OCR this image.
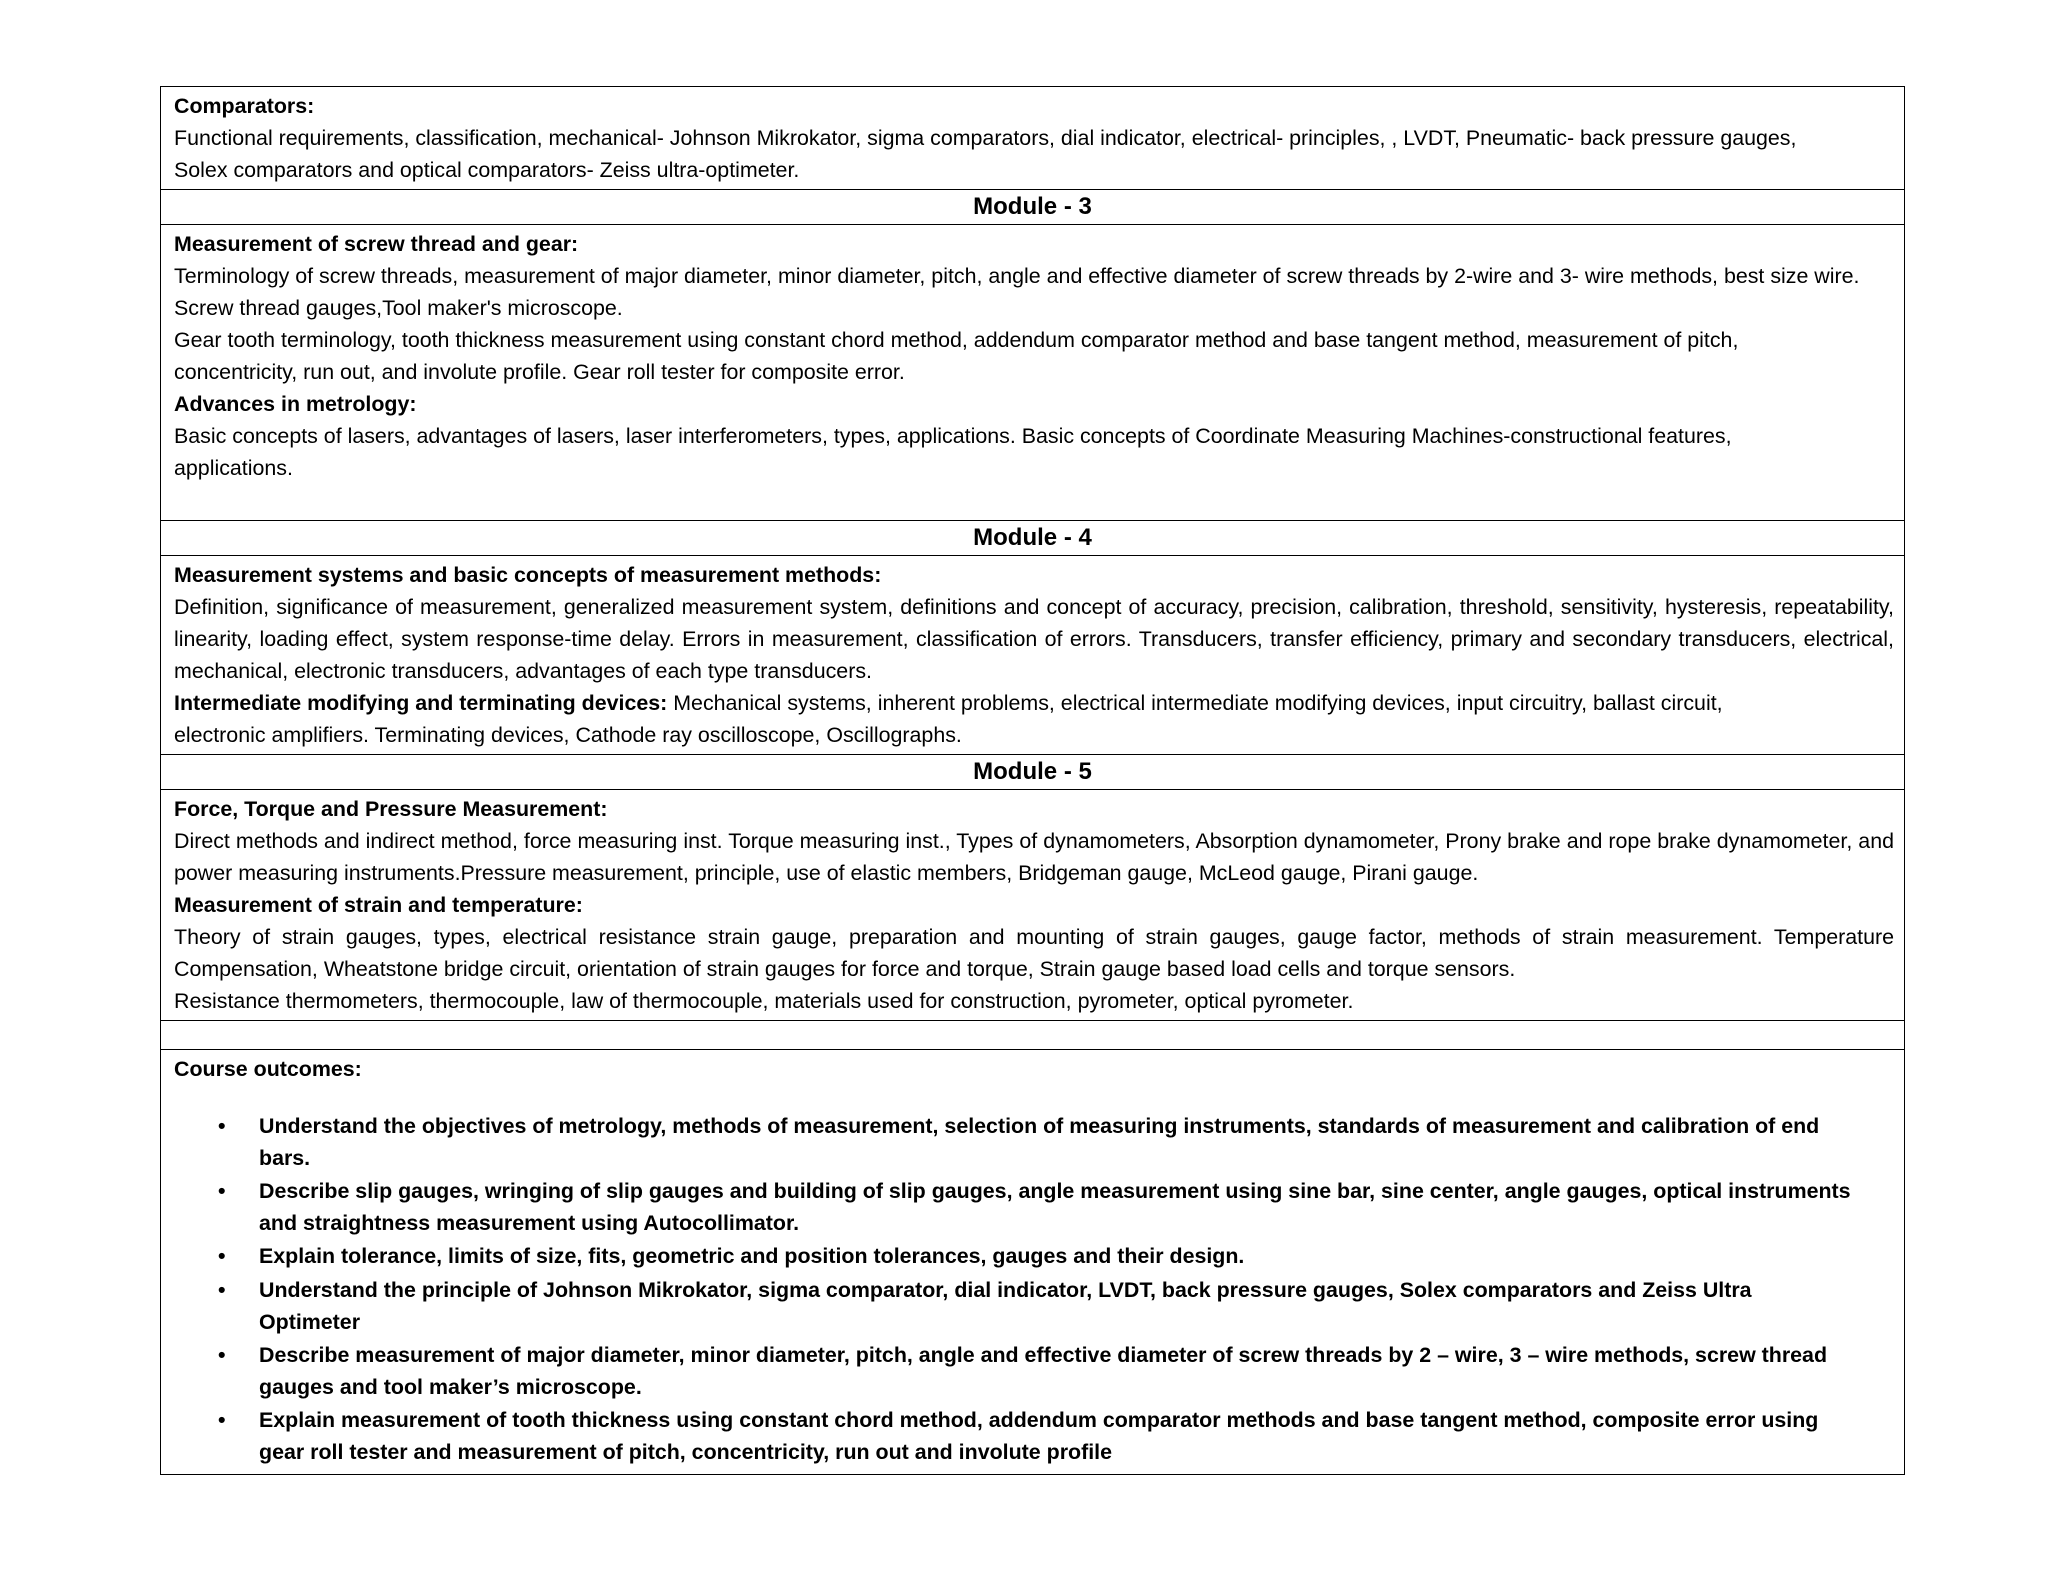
Comparators:

Functional requirements, classification, mechanical- Johnson Mikrokator, sigma comparators, dial indicator, electrical- principles, , LVDT, Pneumatic- back pressure gauges, Solex comparators and optical comparators- Zeiss ultra-optimeter.

Module - 3

Measurement of screw thread and gear:

Terminology of screw threads, measurement of major diameter, minor diameter, pitch, angle and effective diameter of screw threads by 2-wire and 3- wire methods, best size wire. Screw thread gauges,Tool maker's microscope.

Gear tooth terminology, tooth thickness measurement using constant chord method, addendum comparator method and base tangent method, measurement of pitch, concentricity, run out, and involute profile. Gear roll tester for composite error.

Advances in metrology:

Basic concepts of lasers, advantages of lasers, laser interferometers, types, applications. Basic concepts of Coordinate Measuring Machines-constructional features, applications.

Module - 4

Measurement systems and basic concepts of measurement methods:

Definition, significance of measurement, generalized measurement system, definitions and concept of accuracy, precision, calibration, threshold, sensitivity, hysteresis, repeatability, linearity, loading effect, system response-time delay. Errors in measurement, classification of errors. Transducers, transfer efficiency, primary and secondary transducers, electrical, mechanical, electronic transducers, advantages of each type transducers.

Intermediate modifying and terminating devices: Mechanical systems, inherent problems, electrical intermediate modifying devices, input circuitry, ballast circuit, electronic amplifiers. Terminating devices, Cathode ray oscilloscope, Oscillographs.

Module - 5

Force, Torque and Pressure Measurement:

Direct methods and indirect method, force measuring inst. Torque measuring inst., Types of dynamometers, Absorption dynamometer, Prony brake and rope brake dynamometer, and power measuring instruments.Pressure measurement, principle, use of elastic members, Bridgeman gauge, McLeod gauge, Pirani gauge.

Measurement of strain and temperature:

Theory of strain gauges, types, electrical resistance strain gauge, preparation and mounting of strain gauges, gauge factor, methods of strain measurement. Temperature Compensation, Wheatstone bridge circuit, orientation of strain gauges for force and torque, Strain gauge based load cells and torque sensors.

Resistance thermometers, thermocouple, law of thermocouple, materials used for construction, pyrometer, optical pyrometer.

Course outcomes:
• Understand the objectives of metrology, methods of measurement, selection of measuring instruments, standards of measurement and calibration of end bars.
• Describe slip gauges, wringing of slip gauges and building of slip gauges, angle measurement using sine bar, sine center, angle gauges, optical instruments and straightness measurement using Autocollimator.
• Explain tolerance, limits of size, fits, geometric and position tolerances, gauges and their design.
• Understand the principle of Johnson Mikrokator, sigma comparator, dial indicator, LVDT, back pressure gauges, Solex comparators and Zeiss Ultra Optimeter
• Describe measurement of major diameter, minor diameter, pitch, angle and effective diameter of screw threads by 2 – wire, 3 – wire methods, screw thread gauges and tool maker’s microscope.
• Explain measurement of tooth thickness using constant chord method, addendum comparator methods and base tangent method, composite error using gear roll tester and measurement of pitch, concentricity, run out and involute profile
